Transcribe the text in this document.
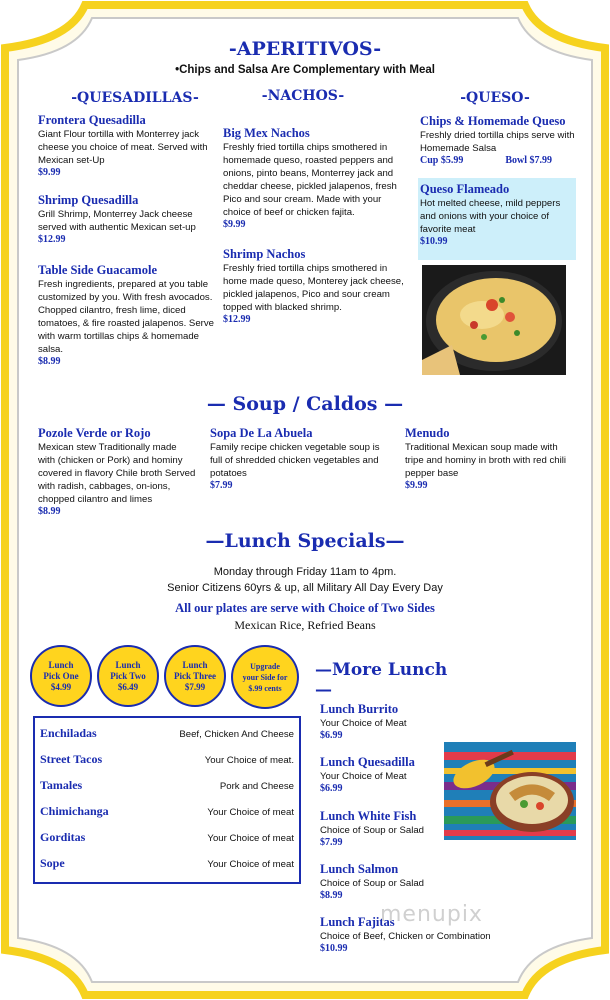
-APERITIVOS-
•Chips and Salsa Are Complementary with Meal
-QUESADILLAS-	-NACHOS-	-QUESO-
Frontera Quesadilla
Giant Flour tortilla with Monterrey jack cheese you choice of meat. Served with Mexican set-Up
$9.99
Shrimp Quesadilla
Grill Shrimp, Monterrey Jack cheese served with authentic Mexican set-up
$12.99
Table Side Guacamole
Fresh ingredients, prepared at you table customized by you. With fresh avocados. Chopped cilantro, fresh lime, diced tomatoes, & fire roasted jalapenos. Serve with warm tortillas chips & homemade salsa.
$8.99
Big Mex Nachos
Freshly fried tortilla chips smothered in homemade queso, roasted peppers and onions, pinto beans, Monterrey jack and cheddar cheese, pickled jalapenos, fresh Pico and sour cream. Made with your choice of beef or chicken fajita.
$9.99
Shrimp Nachos
Freshly fried tortilla chips smothered in home made queso, Monterey jack cheese, pickled jalapenos, Pico and sour cream topped with blacked shrimp.
$12.99
Chips & Homemade Queso
Freshly dried tortilla chips serve with Homemade Salsa
Cup $5.99	Bowl $7.99
Queso Flameado
Hot melted cheese, mild peppers and onions with your choice of favorite meat
$10.99
— Soup / Caldos —
Pozole Verde or Rojo
Mexican stew Traditionally made with (chicken or Pork) and hominy covered in flavory Chile broth Served with radish, cabbages, on-ions, chopped cilantro and limes
$8.99
Sopa De La Abuela
Family recipe chicken vegetable soup is full of shredded chicken vegetables and potatoes
$7.99
Menudo
Traditional Mexican soup made with tripe and hominy in broth with red chili pepper base
$9.99
—Lunch Specials—
Monday through Friday 11am to 4pm.
Senior Citizens 60yrs & up, all Military All Day Every Day
All our plates are serve with Choice of Two Sides
Mexican Rice, Refried Beans
Lunch
Pick One
$4.99
Lunch
Pick Two
$6.49
Lunch
Pick Three
$7.99
Upgrade
your Side for
$.99 cents
Enchiladas	Beef, Chicken And Cheese
Street Tacos	Your Choice of meat.
Tamales	Pork and Cheese
Chimichanga	Your Choice of meat
Gorditas	Your Choice of meat
Sope	Your Choice of meat
—More Lunch—
Lunch Burrito
Your Choice of Meat
$6.99
Lunch Quesadilla
Your Choice of Meat
$6.99
Lunch White Fish
Choice of Soup or Salad
$7.99
Lunch Salmon
Choice of Soup or Salad
$8.99
Lunch Fajitas
Choice of Beef, Chicken or Combination
$10.99
menupix
